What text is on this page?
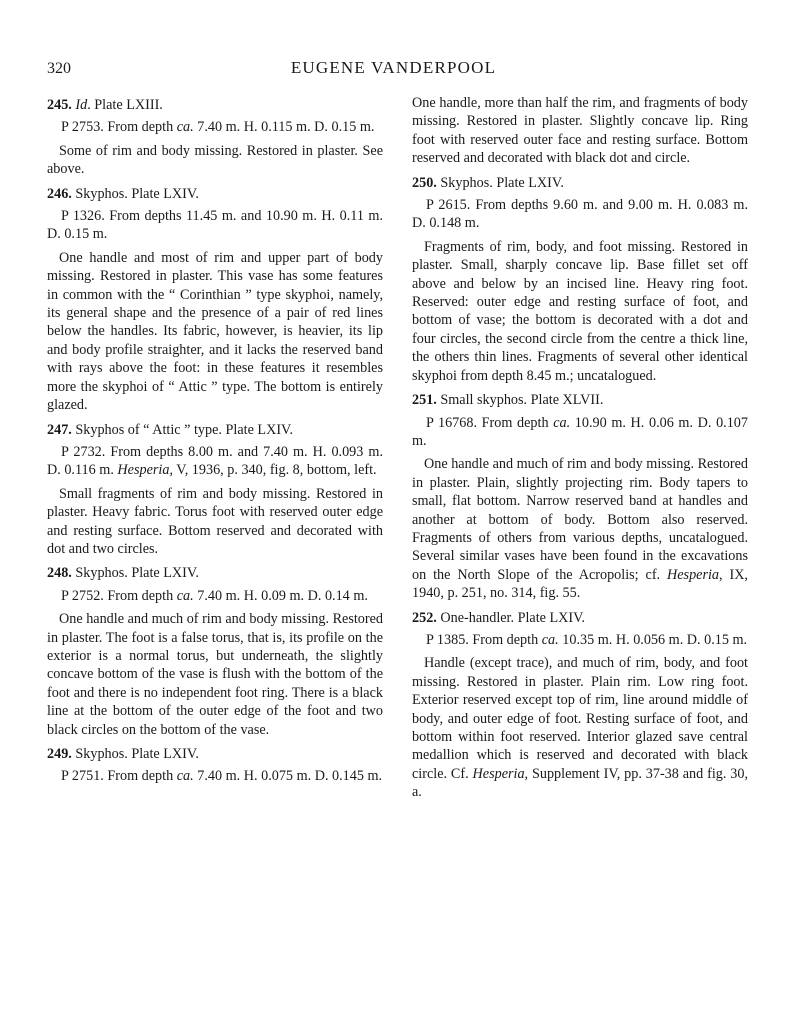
320	EUGENE VANDERPOOL
245. Id. Plate LXIII.

P 2753. From depth ca. 7.40 m. H. 0.115 m. D. 0.15 m.

Some of rim and body missing. Restored in plaster. See above.

246. Skyphos. Plate LXIV.

P 1326. From depths 11.45 m. and 10.90 m. H. 0.11 m. D. 0.15 m.

One handle and most of rim and upper part of body missing. Restored in plaster. This vase has some features in common with the “ Corinthian ” type skyphoi, namely, its general shape and the presence of a pair of red lines below the handles. Its fabric, however, is heavier, its lip and body profile straighter, and it lacks the reserved band with rays above the foot: in these features it resembles more the skyphoi of “ Attic ” type. The bottom is entirely glazed.

247. Skyphos of “ Attic ” type. Plate LXIV.

P 2732. From depths 8.00 m. and 7.40 m. H. 0.093 m. D. 0.116 m. Hesperia, V, 1936, p. 340, fig. 8, bottom, left.

Small fragments of rim and body missing. Restored in plaster. Heavy fabric. Torus foot with reserved outer edge and resting surface. Bottom reserved and decorated with dot and two circles.

248. Skyphos. Plate LXIV.

P 2752. From depth ca. 7.40 m. H. 0.09 m. D. 0.14 m.

One handle and much of rim and body missing. Restored in plaster. The foot is a false torus, that is, its profile on the exterior is a normal torus, but underneath, the slightly concave bottom of the vase is flush with the bottom of the foot and there is no independent foot ring. There is a black line at the bottom of the outer edge of the foot and two black circles on the bottom of the vase.

249. Skyphos. Plate LXIV.

P 2751. From depth ca. 7.40 m. H. 0.075 m. D. 0.145 m.

One handle, more than half the rim, and fragments of body missing. Restored in plaster. Slightly concave lip. Ring foot with reserved outer face and resting surface. Bottom reserved and decorated with black dot and circle.

250. Skyphos. Plate LXIV.

P 2615. From depths 9.60 m. and 9.00 m. H. 0.083 m. D. 0.148 m.

Fragments of rim, body, and foot missing. Restored in plaster. Small, sharply concave lip. Base fillet set off above and below by an incised line. Heavy ring foot. Reserved: outer edge and resting surface of foot, and bottom of vase; the bottom is decorated with a dot and four circles, the second circle from the centre a thick line, the others thin lines. Fragments of several other identical skyphoi from depth 8.45 m.; uncatalogued.

251. Small skyphos. Plate XLVII.

P 16768. From depth ca. 10.90 m. H. 0.06 m. D. 0.107 m.

One handle and much of rim and body missing. Restored in plaster. Plain, slightly projecting rim. Body tapers to small, flat bottom. Narrow reserved band at handles and another at bottom of body. Bottom also reserved. Fragments of others from various depths, uncatalogued. Several similar vases have been found in the excavations on the North Slope of the Acropolis; cf. Hesperia, IX, 1940, p. 251, no. 314, fig. 55.

252. One-handler. Plate LXIV.

P 1385. From depth ca. 10.35 m. H. 0.056 m. D. 0.15 m.

Handle (except trace), and much of rim, body, and foot missing. Restored in plaster. Plain rim. Low ring foot. Exterior reserved except top of rim, line around middle of body, and outer edge of foot. Resting surface of foot, and bottom within foot reserved. Interior glazed save central medallion which is reserved and decorated with black circle. Cf. Hesperia, Supplement IV, pp. 37-38 and fig. 30, a.
